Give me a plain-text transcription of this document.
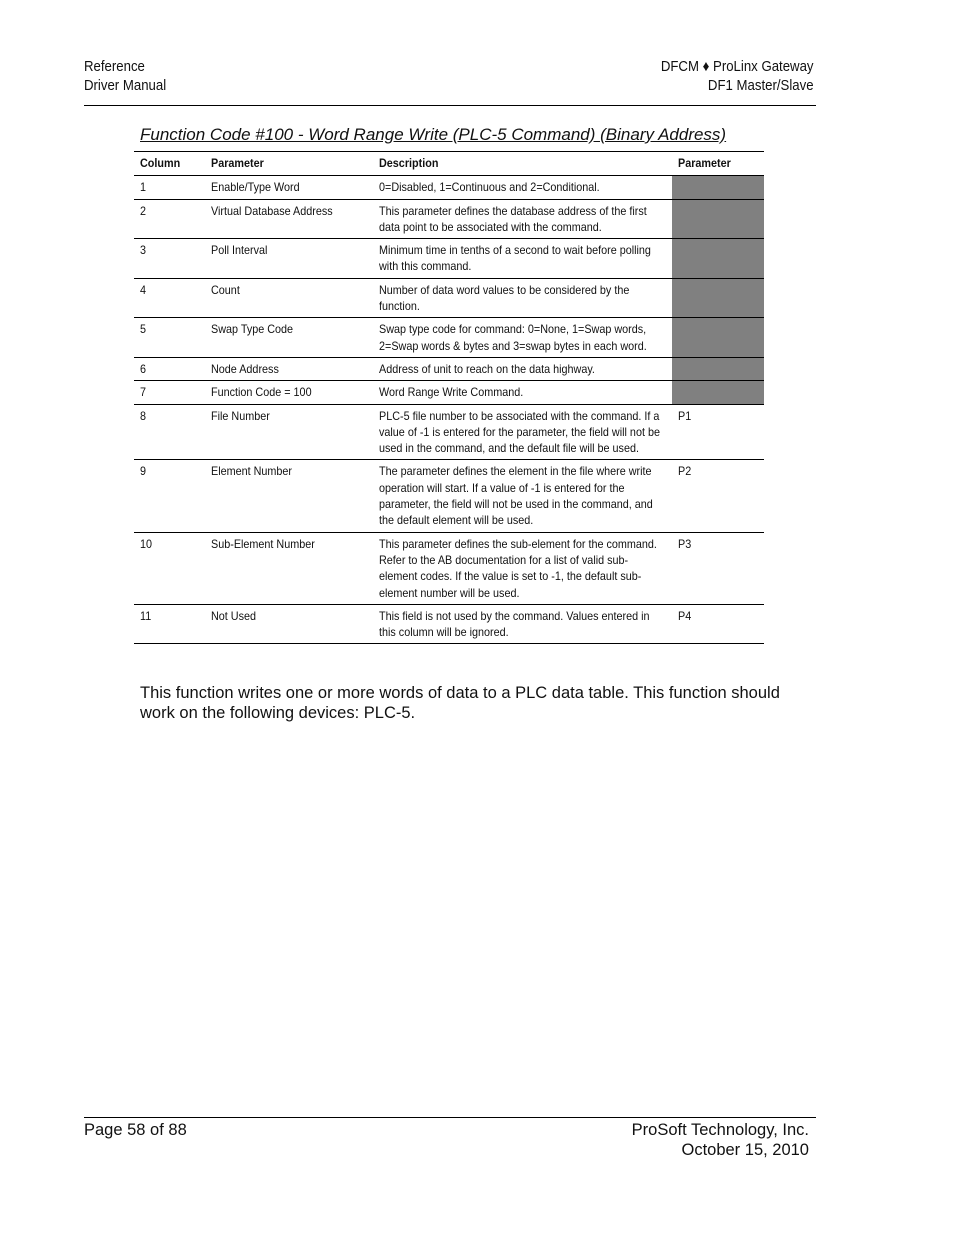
Reference
Driver Manual
DFCM ♦ ProLinx Gateway
DF1 Master/Slave
Function Code #100 - Word Range Write (PLC-5 Command) (Binary Address)
Column	Parameter	Description	Parameter
1	Enable/Type Word	0=Disabled, 1=Continuous and 2=Conditional.	
2	Virtual Database Address	This parameter defines the database address of the first data point to be associated with the command.	
3	Poll Interval	Minimum time in tenths of a second to wait before polling with this command.	
4	Count	Number of data word values to be considered by the function.	
5	Swap Type Code	Swap type code for command: 0=None, 1=Swap words, 2=Swap words & bytes and 3=swap bytes in each word.	
6	Node Address	Address of unit to reach on the data highway.	
7	Function Code = 100	Word Range Write Command.	
8	File Number	PLC-5 file number to be associated with the command. If a value of -1 is entered for the parameter, the field will not be used in the command, and the default file will be used.	P1
9	Element Number	The parameter defines the element in the file where write operation will start. If a value of -1 is entered for the parameter, the field will not be used in the command, and the default element will be used.	P2
10	Sub-Element Number	This parameter defines the sub-element for the command. Refer to the AB documentation for a list of valid sub- element codes. If the value is set to -1, the default sub-element number will be used.	P3
11	Not Used	This field is not used by the command. Values entered in this column will be ignored.	P4
This function writes one or more words of data to a PLC data table. This function should work on the following devices: PLC-5.
Page 58 of 88	ProSoft Technology, Inc.
October 15, 2010
